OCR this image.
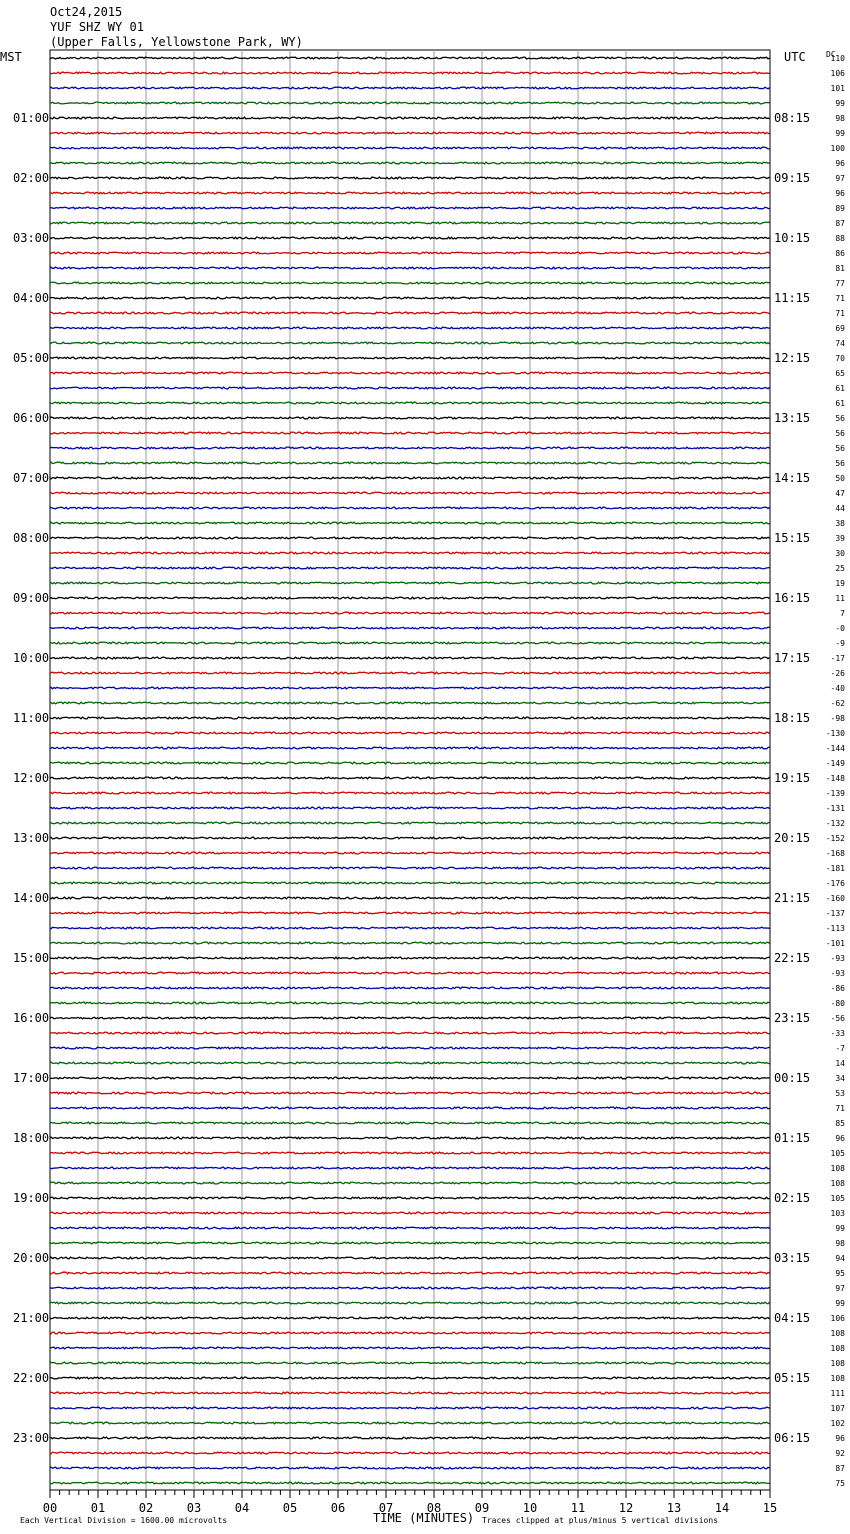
Oct24,2015
YUF SHZ WY 01
(Upper Falls, Yellowstone Park, WY)
MST	UTC	DC
01:00
02:00
03:00
04:00
05:00
06:00
07:00
08:00
09:00
10:00
11:00
12:00
13:00
14:00
15:00
16:00
17:00
18:00
19:00
20:00
21:00
22:00
23:00
08:15
09:15
10:15
11:15
12:15
13:15
14:15
15:15
16:15
17:15
18:15
19:15
20:15
21:15
22:15
23:15
00:15
01:15
02:15
03:15
04:15
05:15
06:15
110
106
101
99
98
99
100
96
97
96
89
87
88
86
81
77
71
71
69
74
70
65
61
61
56
56
56
56
50
47
44
38
39
30
25
19
11
7
-0
-9
-17
-26
-40
-62
-98
-130
-144
-149
-148
-139
-131
-132
-152
-168
-181
-176
-160
-137
-113
-101
-93
-93
-86
-80
-56
-33
-7
14
34
53
71
85
96
105
108
108
105
103
99
98
94
95
97
99
106
108
108
108
108
111
107
102
96
92
87
75
00	01	02	03	04	05	06	07	08	09	10	11	12	13	14	15
TIME (MINUTES)
Each Vertical Division = 1600.00 microvolts	Traces clipped at plus/minus 5 vertical divisions
